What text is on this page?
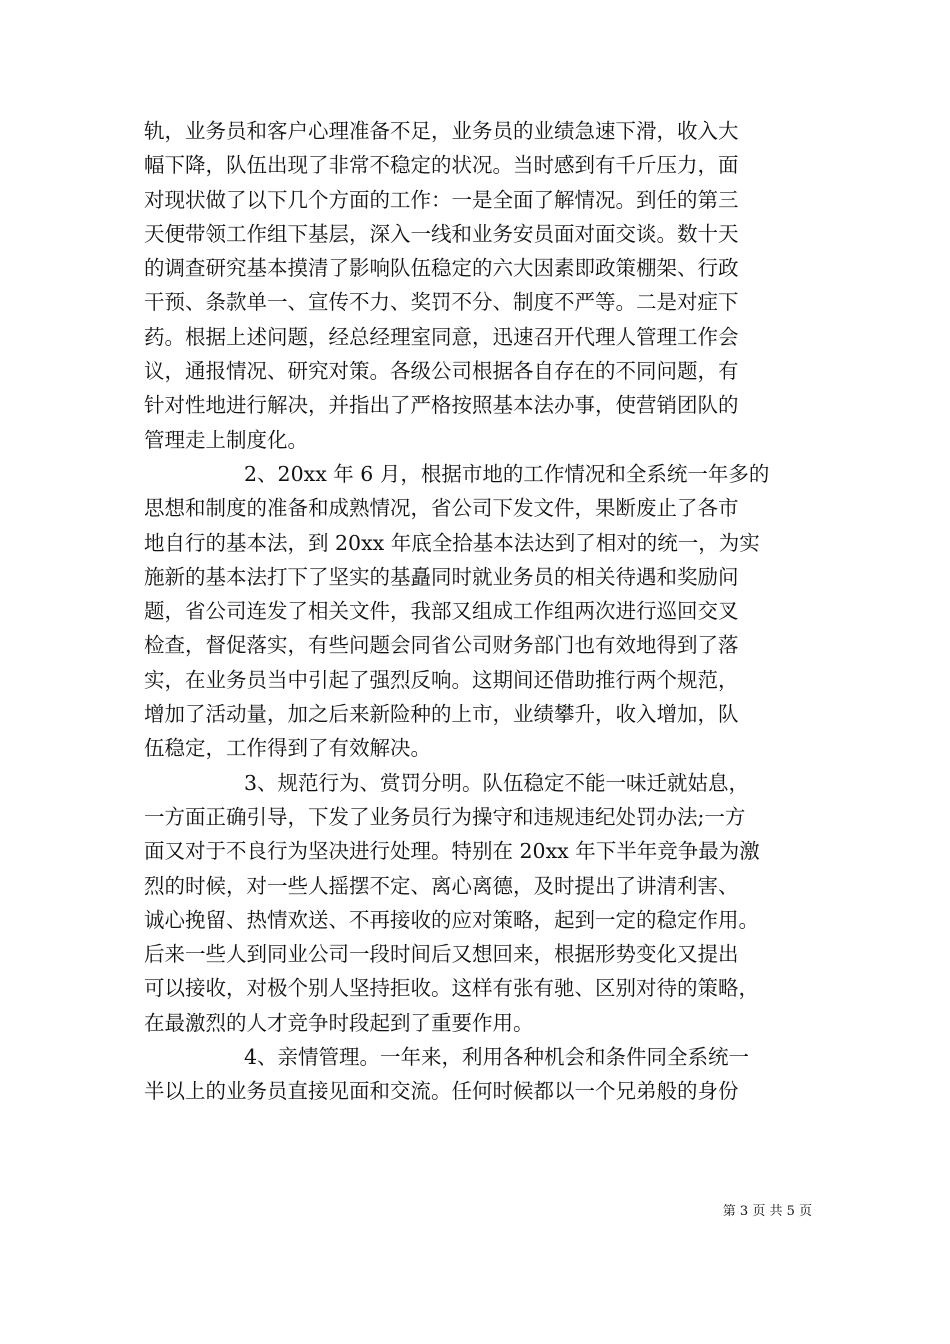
轨，业务员和客户心理准备不足，业务员的业绩急速下滑，收入大
幅下降，队伍出现了非常不稳定的状况。当时感到有千斤压力，面
对现状做了以下几个方面的工作：一是全面了解情况。到任的第三
天便带领工作组下基层，深入一线和业务安员面对面交谈。数十天
的调查研究基本摸清了影响队伍稳定的六大因素即政策棚架、行政
干预、条款单一、宣传不力、奖罚不分、制度不严等。二是对症下
药。根据上述问题，经总经理室同意，迅速召开代理人管理工作会
议，通报情况、研究对策。各级公司根据各自存在的不同问题，有
针对性地进行解决，并指出了严格按照基本法办事，使营销团队的
管理走上制度化。
2、20xx 年 6 月，根据市地的工作情况和全系统一年多的
思想和制度的准备和成熟情况，省公司下发文件，果断废止了各市
地自行的基本法，到 20xx 年底全拾基本法达到了相对的统一，为实
施新的基本法打下了坚实的基矗同时就业务员的相关待遇和奖励问
题，省公司连发了相关文件，我部又组成工作组两次进行巡回交叉
检查，督促落实，有些问题会同省公司财务部门也有效地得到了落
实，在业务员当中引起了强烈反响。这期间还借助推行两个规范，
增加了活动量，加之后来新险种的上市，业绩攀升，收入增加，队
伍稳定，工作得到了有效解决。
3、规范行为、赏罚分明。队伍稳定不能一味迁就姑息，
一方面正确引导，下发了业务员行为操守和违规违纪处罚办法;一方
面又对于不良行为坚决进行处理。特别在 20xx 年下半年竞争最为激
烈的时候，对一些人摇摆不定、离心离德，及时提出了讲清利害、
诚心挽留、热情欢送、不再接收的应对策略，起到一定的稳定作用。
后来一些人到同业公司一段时间后又想回来，根据形势变化又提出
可以接收，对极个别人坚持拒收。这样有张有驰、区别对待的策略，
在最激烈的人才竞争时段起到了重要作用。
4、亲情管理。一年来，利用各种机会和条件同全系统一
半以上的业务员直接见面和交流。任何时候都以一个兄弟般的身份
第 3 页 共 5 页
